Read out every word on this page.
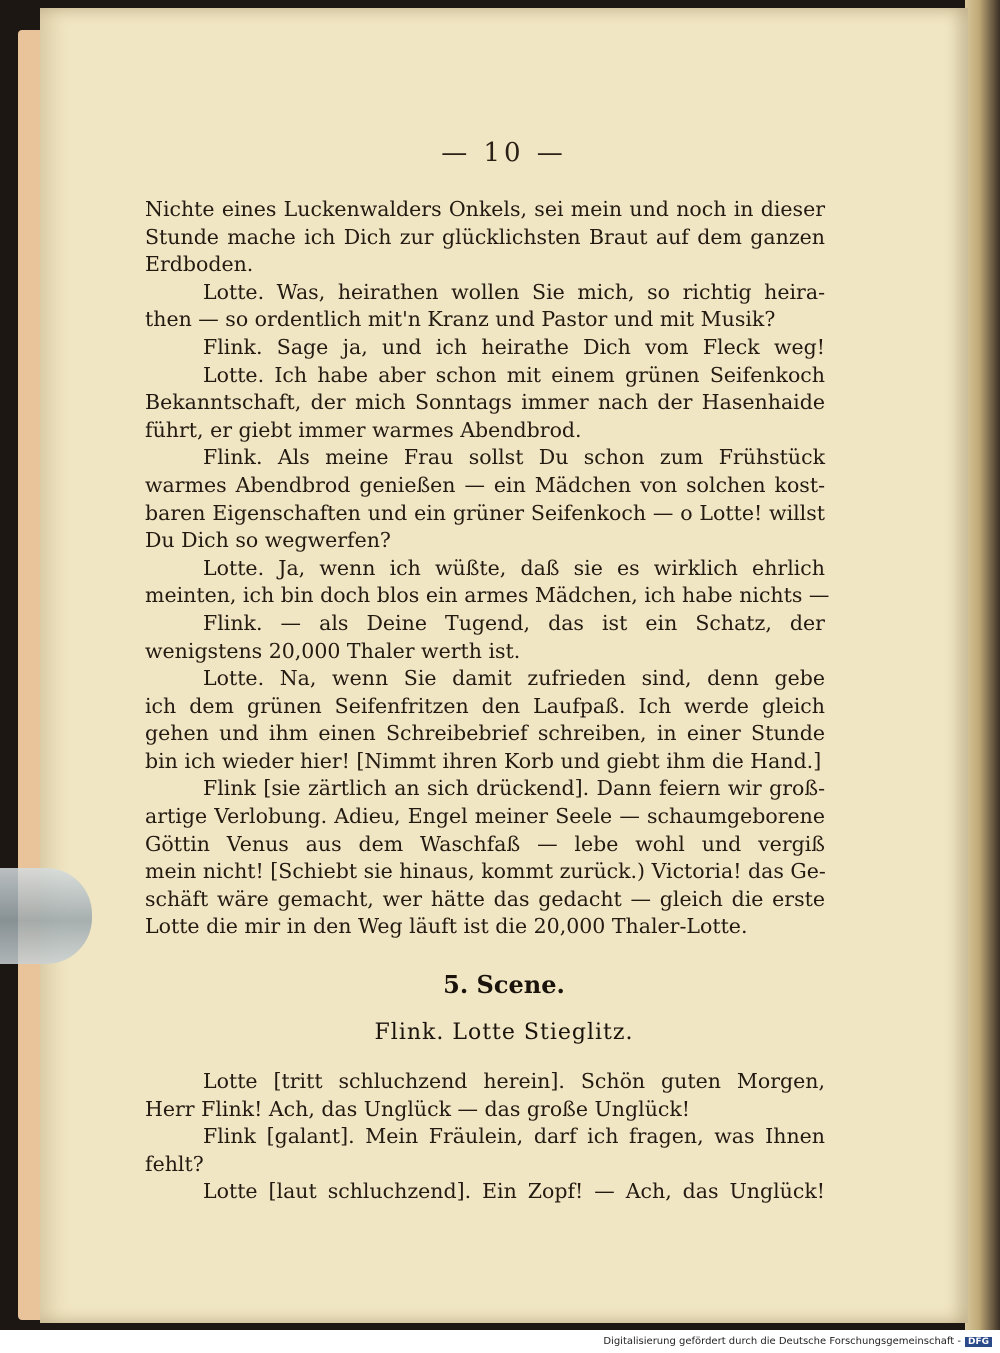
— 10 —
Nichte eines Luckenwalders Onkels, sei mein und noch in dieser
Stunde mache ich Dich zur glücklichsten Braut auf dem ganzen
Erdboden.
Lotte. Was, heirathen wollen Sie mich, so richtig heira-
then — so ordentlich mit'n Kranz und Pastor und mit Musik?
Flink. Sage ja, und ich heirathe Dich vom Fleck weg!
Lotte. Ich habe aber schon mit einem grünen Seifenkoch
Bekanntschaft, der mich Sonntags immer nach der Hasenhaide
führt, er giebt immer warmes Abendbrod.
Flink. Als meine Frau sollst Du schon zum Frühstück
warmes Abendbrod genießen — ein Mädchen von solchen kost-
baren Eigenschaften und ein grüner Seifenkoch — o Lotte! willst
Du Dich so wegwerfen?
Lotte. Ja, wenn ich wüßte, daß sie es wirklich ehrlich
meinten, ich bin doch blos ein armes Mädchen, ich habe nichts —
Flink. — als Deine Tugend, das ist ein Schatz, der
wenigstens 20,000 Thaler werth ist.
Lotte. Na, wenn Sie damit zufrieden sind, denn gebe
ich dem grünen Seifenfritzen den Laufpaß. Ich werde gleich
gehen und ihm einen Schreibebrief schreiben, in einer Stunde
bin ich wieder hier! [Nimmt ihren Korb und giebt ihm die Hand.]
Flink [sie zärtlich an sich drückend]. Dann feiern wir groß-
artige Verlobung. Adieu, Engel meiner Seele — schaumgeborene
Göttin Venus aus dem Waschfaß — lebe wohl und vergiß
mein nicht! [Schiebt sie hinaus, kommt zurück.) Victoria! das Ge-
schäft wäre gemacht, wer hätte das gedacht — gleich die erste
Lotte die mir in den Weg läuft ist die 20,000 Thaler-Lotte.
5. Scene.
Flink. Lotte Stieglitz.
Lotte [tritt schluchzend herein]. Schön guten Morgen,
Herr Flink! Ach, das Unglück — das große Unglück!
Flink [galant]. Mein Fräulein, darf ich fragen, was Ihnen
fehlt?
Lotte [laut schluchzend]. Ein Zopf! — Ach, das Unglück!
Digitalisierung gefördert durch die Deutsche Forschungsgemeinschaft - DFG
